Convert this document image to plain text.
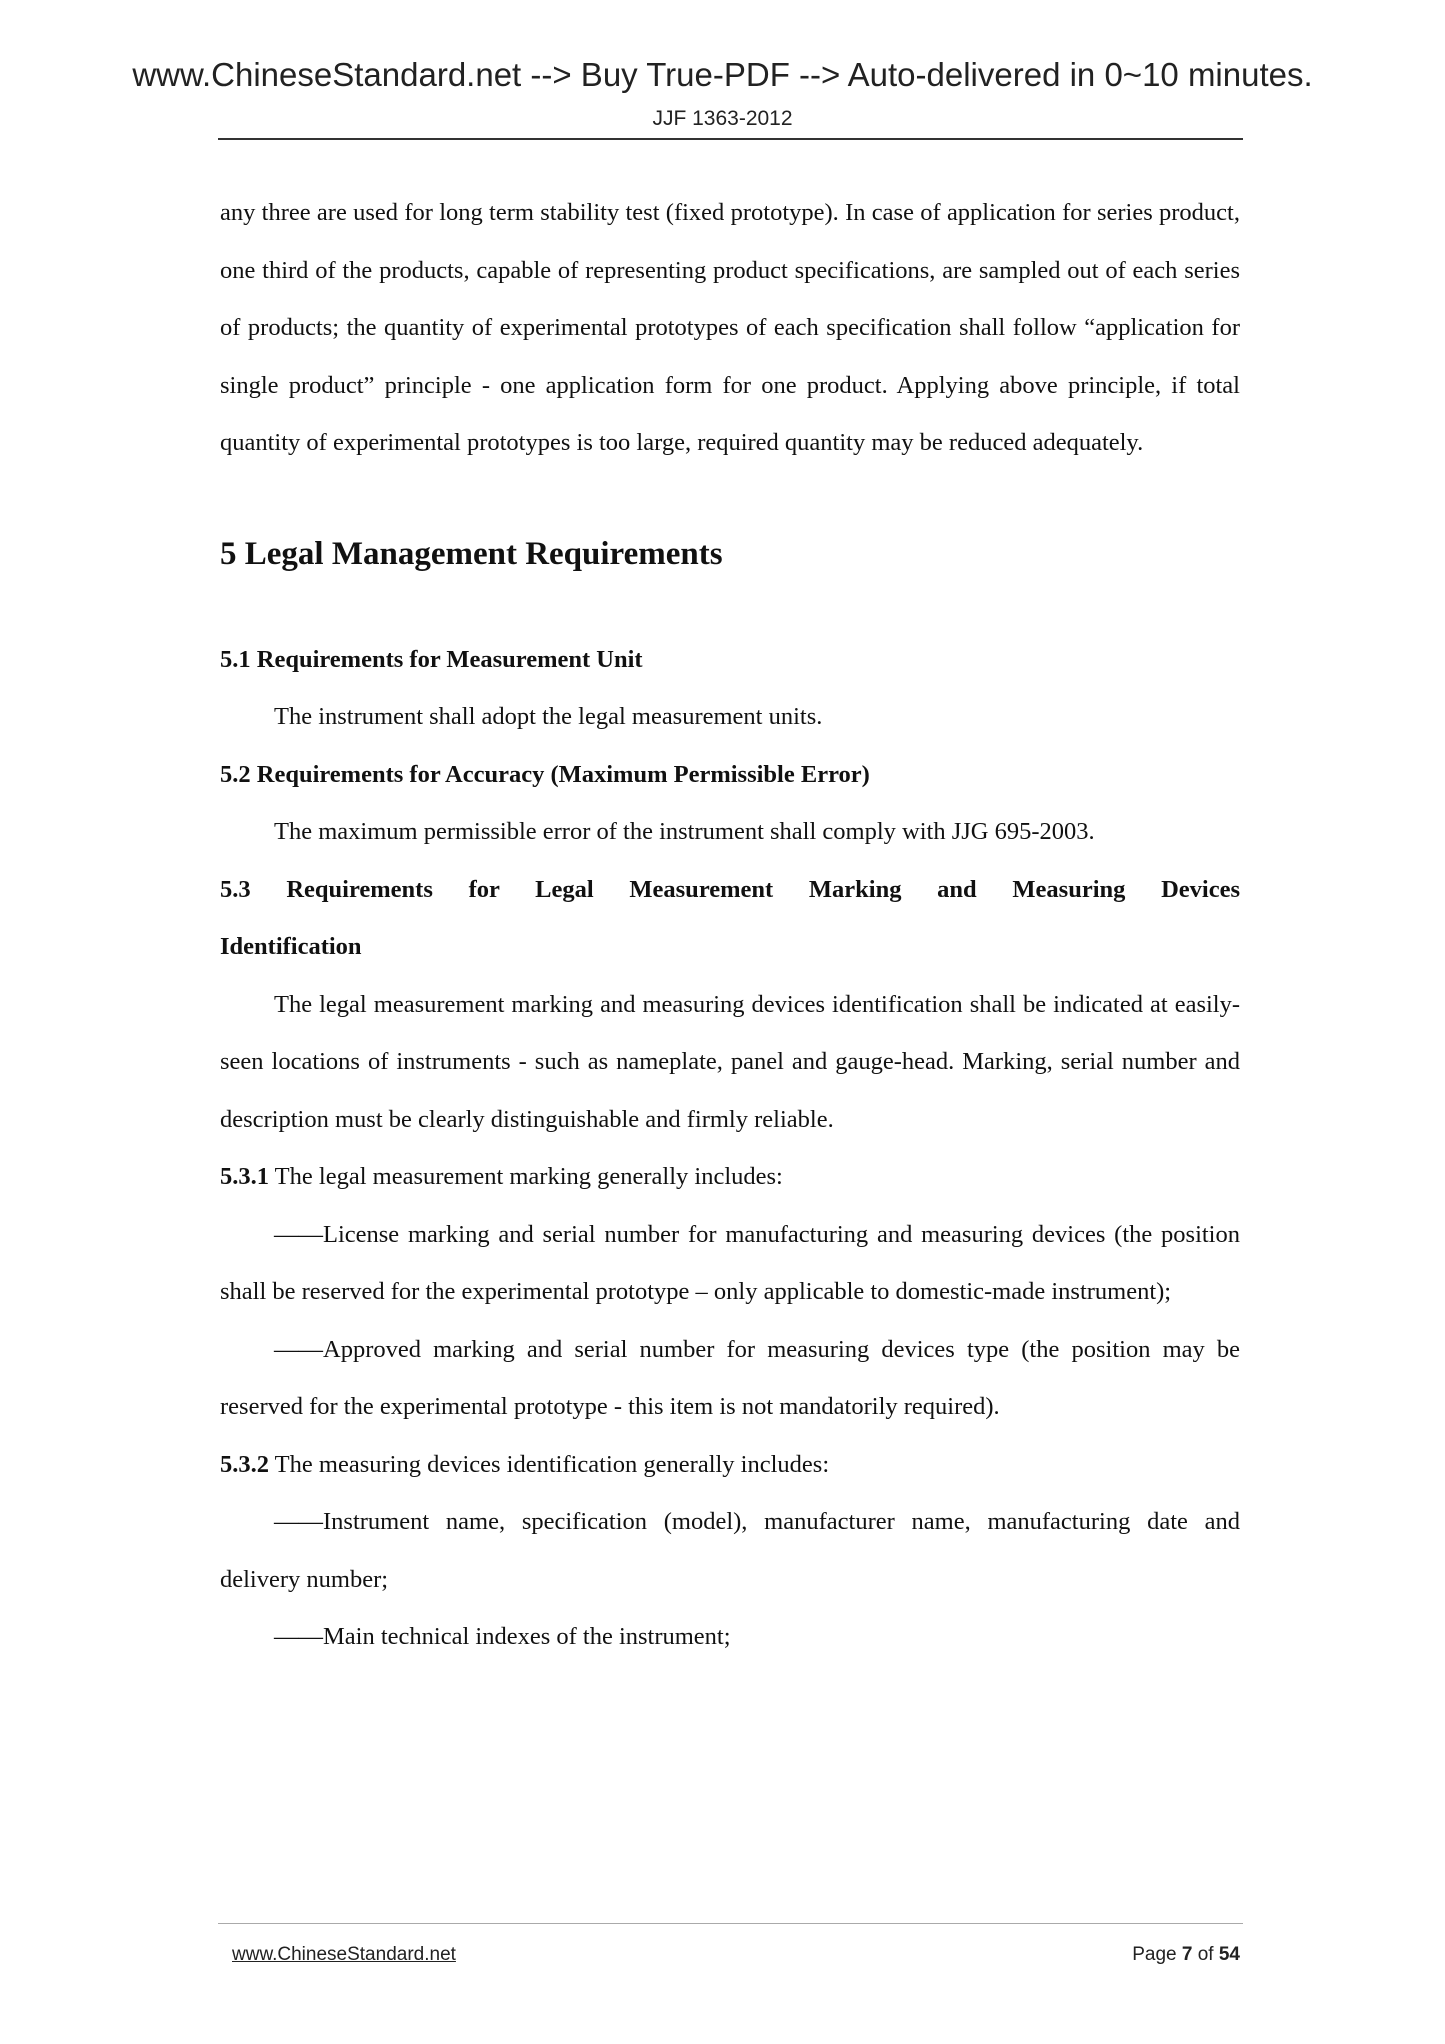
www.ChineseStandard.net --> Buy True-PDF --> Auto-delivered in 0~10 minutes.
JJF 1363-2012

any three are used for long term stability test (fixed prototype). In case of application for series product, one third of the products, capable of representing product specifications, are sampled out of each series of products; the quantity of experimental prototypes of each specification shall follow “application for single product” principle - one application form for one product. Applying above principle, if total quantity of experimental prototypes is too large, required quantity may be reduced adequately.

5 Legal Management Requirements

5.1 Requirements for Measurement Unit

The instrument shall adopt the legal measurement units.

5.2 Requirements for Accuracy (Maximum Permissible Error)

The maximum permissible error of the instrument shall comply with JJG 695-2003.

5.3 Requirements for Legal Measurement Marking and Measuring Devices

Identification

The legal measurement marking and measuring devices identification shall be indicated at easily-seen locations of instruments - such as nameplate, panel and gauge-head. Marking, serial number and description must be clearly distinguishable and firmly reliable.

5.3.1 The legal measurement marking generally includes:

——License marking and serial number for manufacturing and measuring devices (the position shall be reserved for the experimental prototype – only applicable to domestic-made instrument);

——Approved marking and serial number for measuring devices type (the position may be reserved for the experimental prototype - this item is not mandatorily required).

5.3.2 The measuring devices identification generally includes:

——Instrument name, specification (model), manufacturer name, manufacturing date and delivery number;

——Main technical indexes of the instrument;

www.ChineseStandard.net	Page 7 of 54
